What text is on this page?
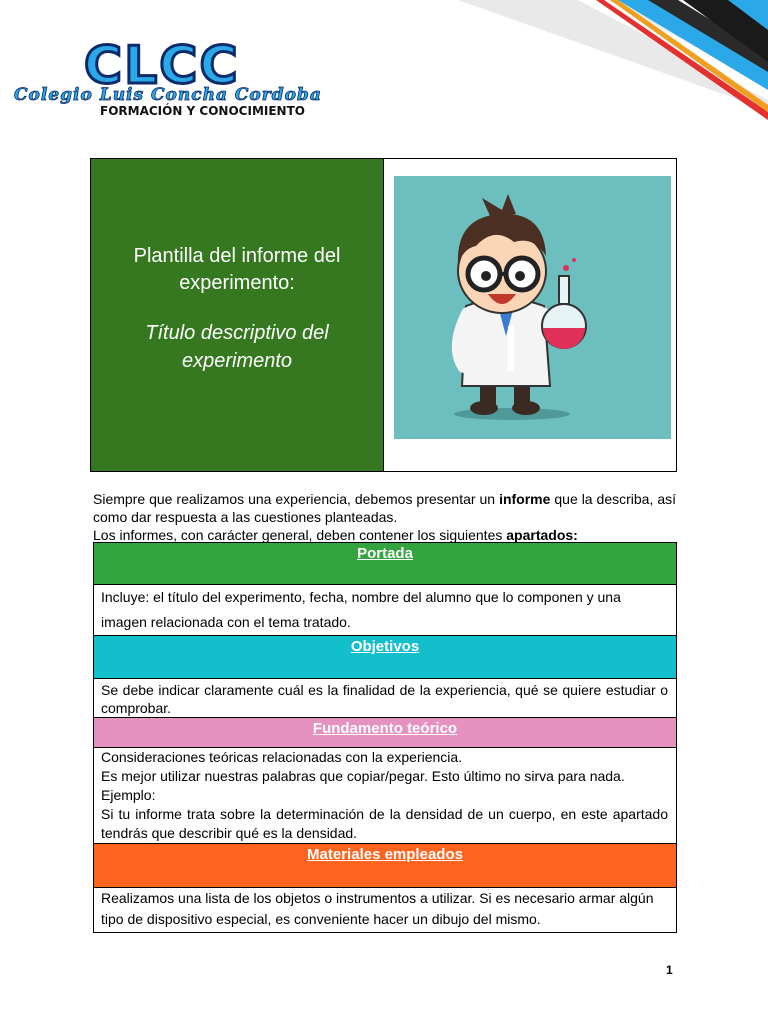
CLCC
Colegio Luis Concha Cordoba
FORMACIÓN Y CONOCIMIENTO

Plantilla del informe del experimento:

Título descriptivo del experimento

Siempre que realizamos una experiencia, debemos presentar un informe que la describa, así como dar respuesta a las cuestiones planteadas.

Los informes, con carácter general, deben contener los siguientes apartados:

Portada

Incluye: el título del experimento, fecha, nombre del alumno que lo componen y una imagen relacionada con el tema tratado.

Objetivos

Se debe indicar claramente cuál es la finalidad de la experiencia, qué se quiere estudiar o comprobar.

Fundamento teórico

Consideraciones teóricas relacionadas con la experiencia.

Es mejor utilizar nuestras palabras que copiar/pegar. Esto último no sirva para nada.

Ejemplo:

Si tu informe trata sobre la determinación de la densidad de un cuerpo, en este apartado tendrás que describir qué es la densidad.

Materiales empleados

Realizamos una lista de los objetos o instrumentos a utilizar. Si es necesario armar algún tipo de dispositivo especial, es conveniente hacer un dibujo del mismo.

1
